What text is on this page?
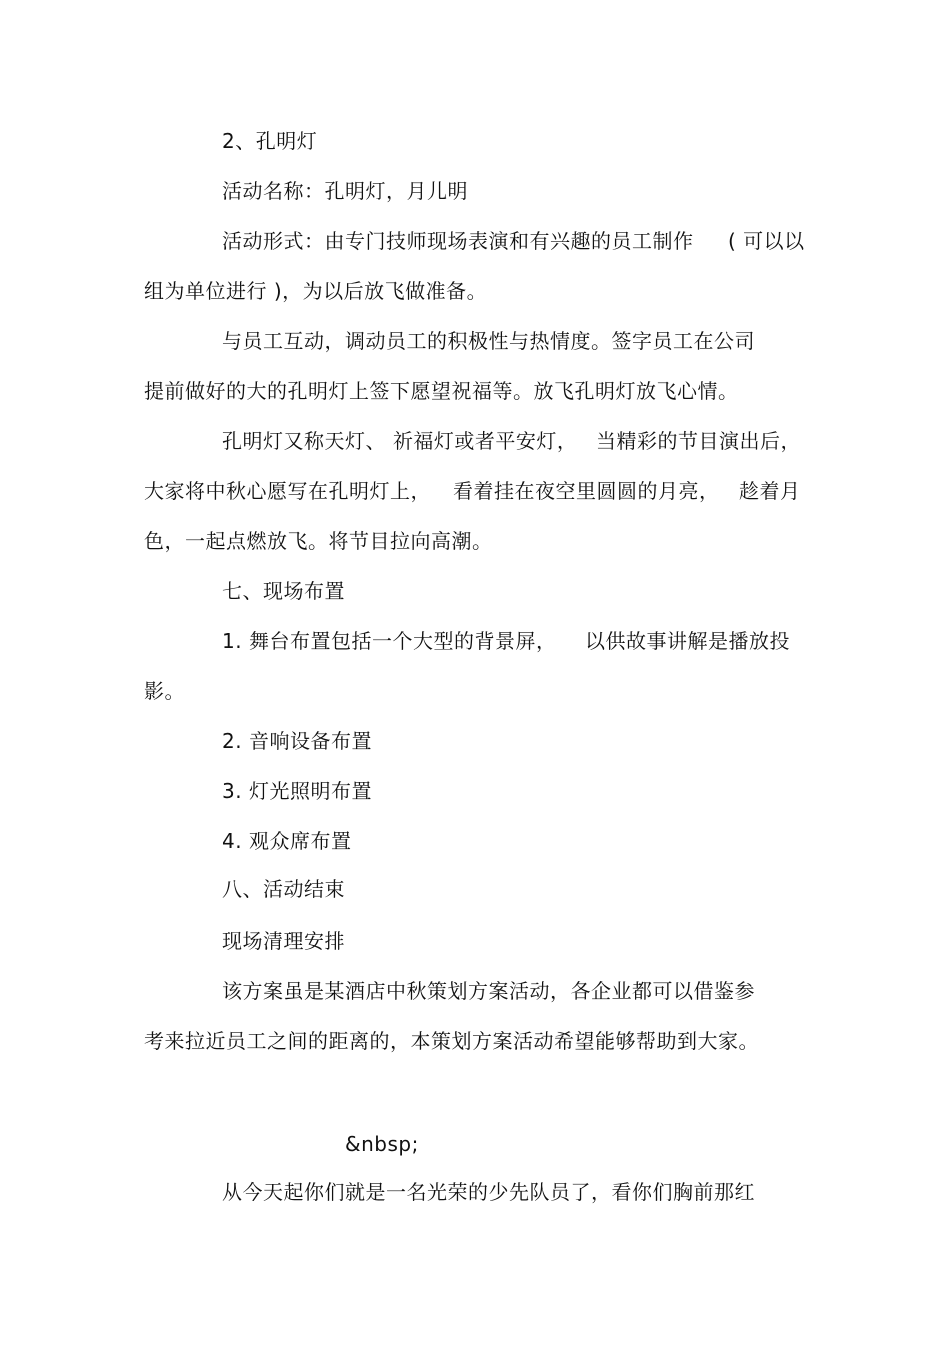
2、孔明灯
活动名称：孔明灯，月儿明
活动形式：由专门技师现场表演和有兴趣的员工制作 ( 可以以
组为单位进行 )，为以后放飞做准备。
与员工互动，调动员工的积极性与热情度。签字员工在公司
提前做好的大的孔明灯上签下愿望祝福等。放飞孔明灯放飞心情。
孔明灯又称天灯、 祈福灯或者平安灯， 当精彩的节目演出后，
大家将中秋心愿写在孔明灯上， 看着挂在夜空里圆圆的月亮， 趁着月
色，一起点燃放飞。将节目拉向高潮。
七、现场布置
1. 舞台布置包括一个大型的背景屏， 以供故事讲解是播放投
影。
2. 音响设备布置
3. 灯光照明布置
4. 观众席布置
八、活动结束
现场清理安排
该方案虽是某酒店中秋策划方案活动，各企业都可以借鉴参
考来拉近员工之间的距离的，本策划方案活动希望能够帮助到大家。
&nbsp;
从今天起你们就是一名光荣的少先队员了，看你们胸前那红
